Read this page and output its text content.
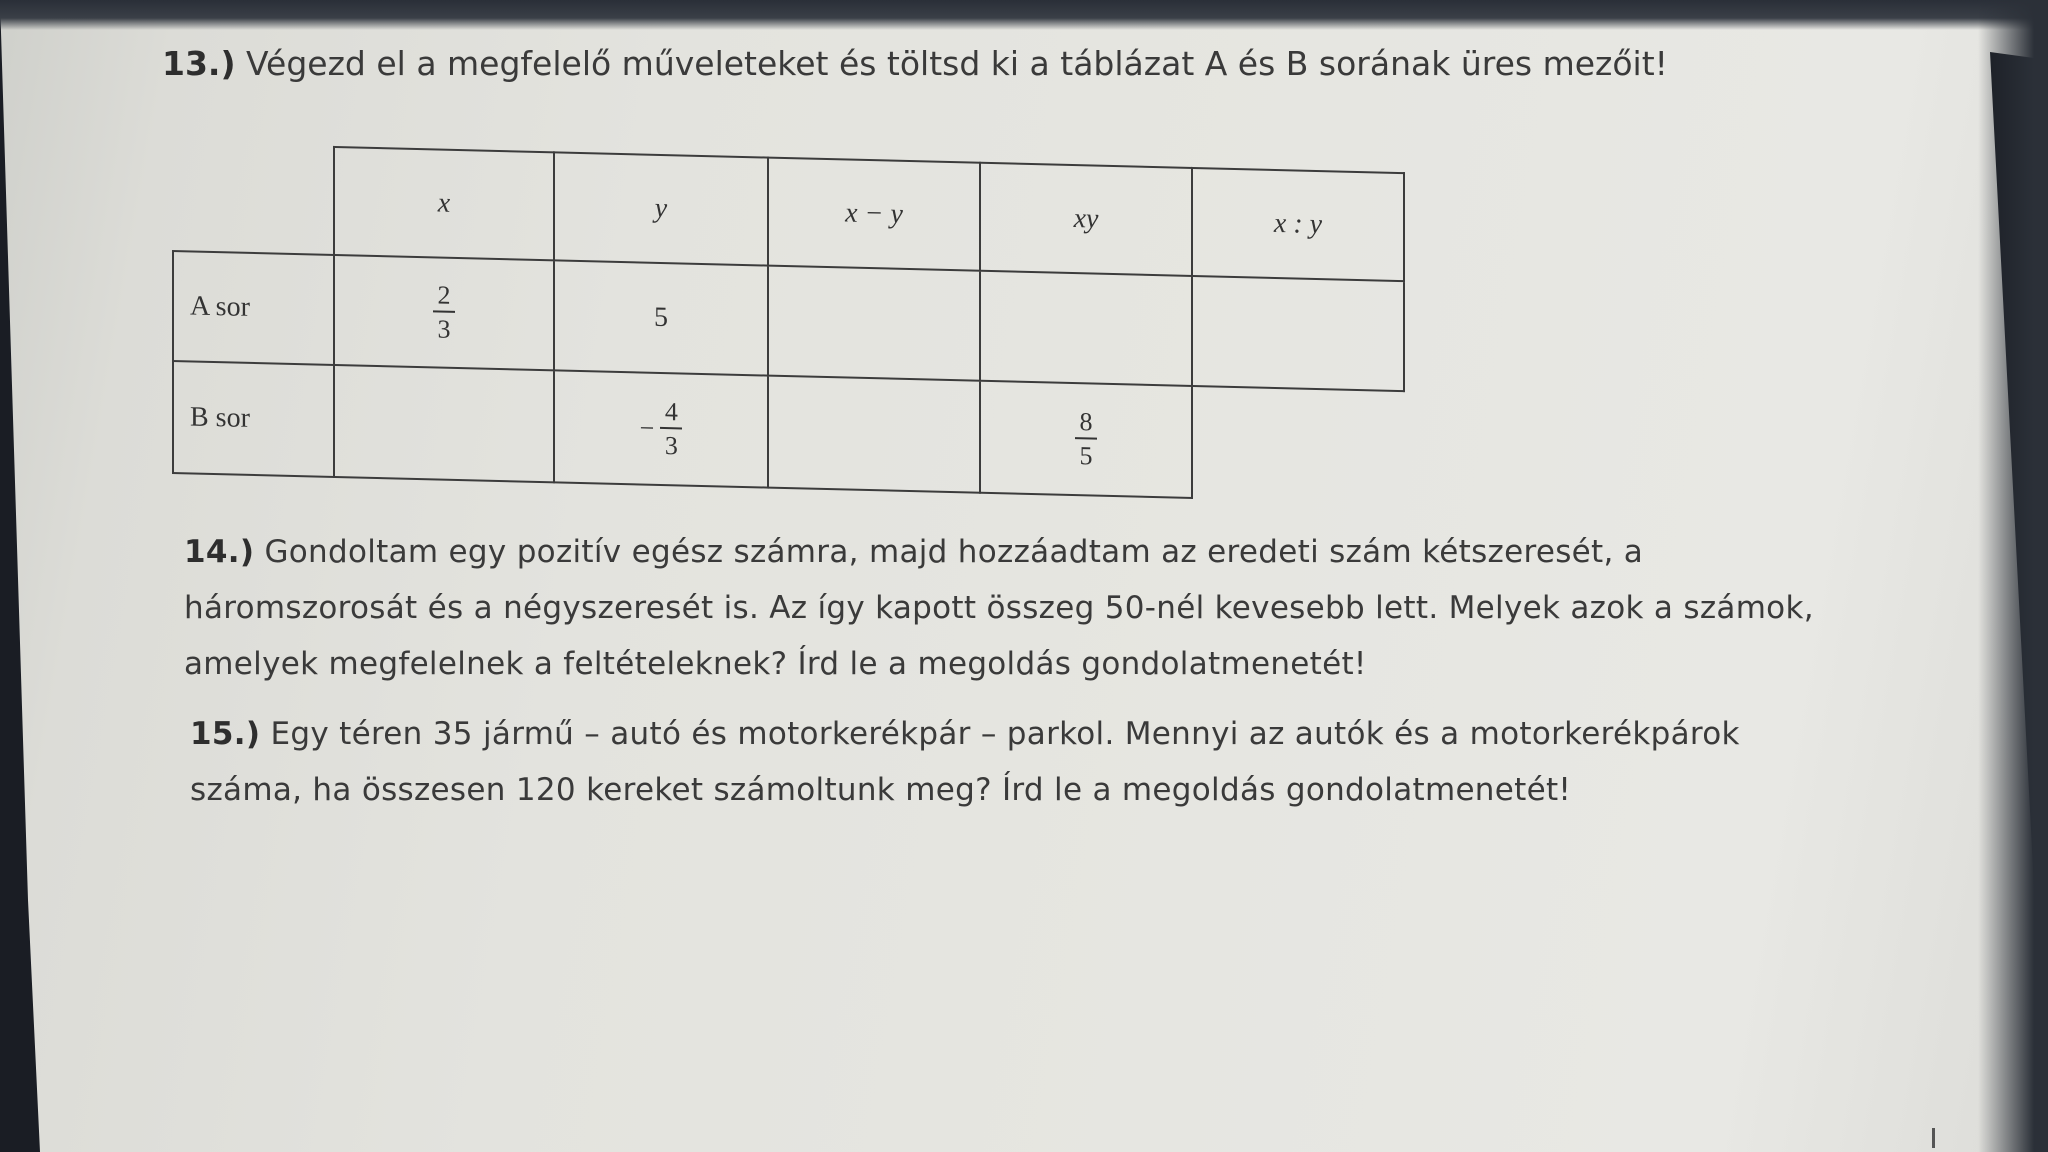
13.) Végezd el a megfelelő műveleteket és töltsd ki a táblázat A és B sorának üres mezőit!
	x	y	x − y	xy	x : y
A sor	$\frac{2}{3}$	5			
B sor		− $\frac{4}{3}$		$\frac{8}{5}$

14.) Gondoltam egy pozitív egész számra, majd hozzáadtam az eredeti szám kétszeresét, a
háromszorosát és a négyszeresét is. Az így kapott összeg 50-nél kevesebb lett. Melyek azok a számok,
amelyek megfelelnek a feltételeknek? Írd le a megoldás gondolatmenetét!
15.) Egy téren 35 jármű – autó és motorkerékpár – parkol. Mennyi az autók és a motorkerékpárok
száma, ha összesen 120 kereket számoltunk meg? Írd le a megoldás gondolatmenetét!
